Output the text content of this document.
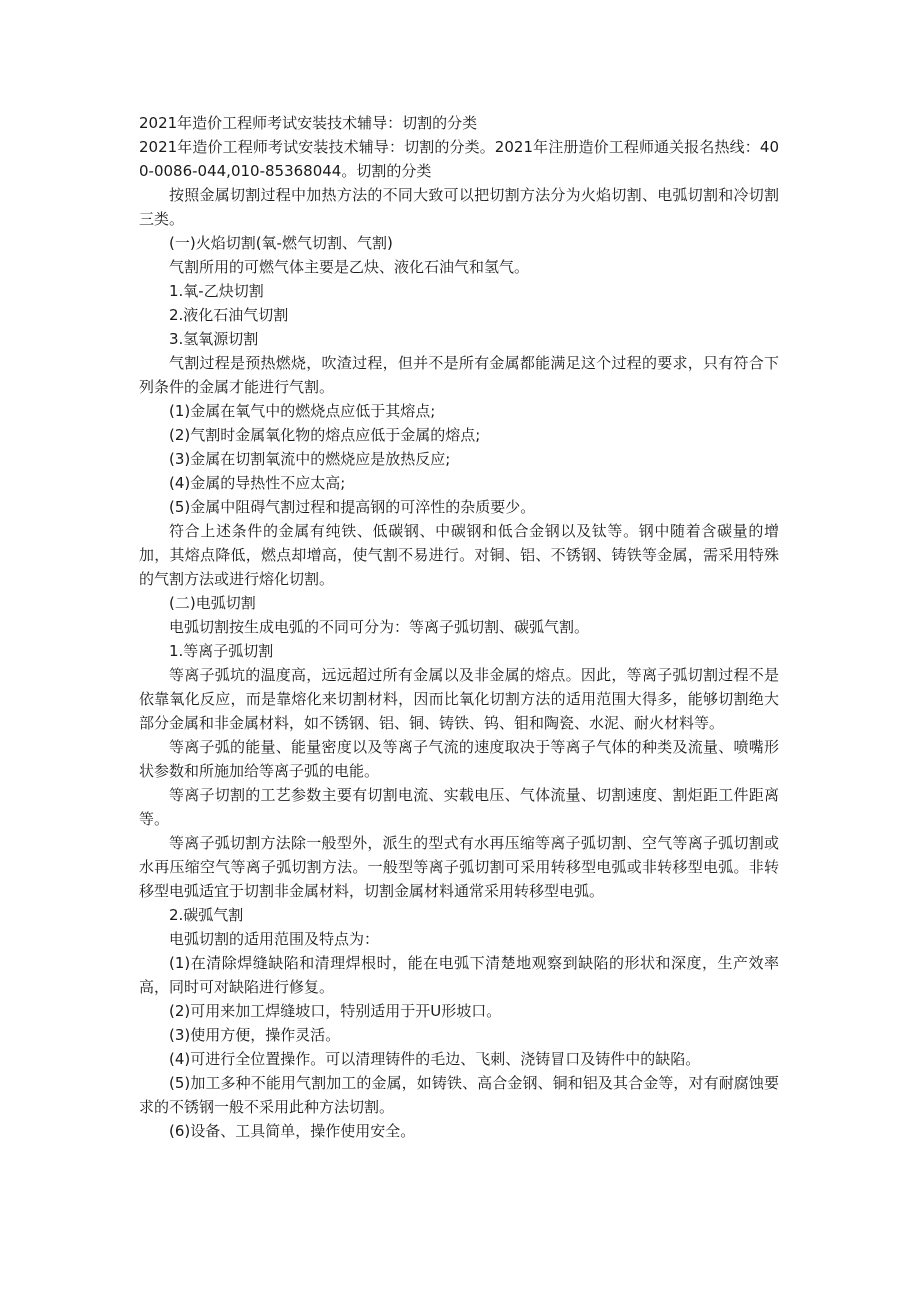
2021年造价工程师考试安装技术辅导：切割的分类

2021年造价工程师考试安装技术辅导：切割的分类。2021年注册造价工程师通关报名热线：400-0086-044,010-85368044。切割的分类

按照金属切割过程中加热方法的不同大致可以把切割方法分为火焰切割、电弧切割和冷切割三类。

(一)火焰切割(氧-燃气切割、气割)

气割所用的可燃气体主要是乙炔、液化石油气和氢气。

1.氧-乙炔切割

2.液化石油气切割

3.氢氧源切割

气割过程是预热燃烧，吹渣过程，但并不是所有金属都能满足这个过程的要求，只有符合下列条件的金属才能进行气割。

(1)金属在氧气中的燃烧点应低于其熔点;

(2)气割时金属氧化物的熔点应低于金属的熔点;

(3)金属在切割氧流中的燃烧应是放热反应;

(4)金属的导热性不应太高;

(5)金属中阻碍气割过程和提高钢的可淬性的杂质要少。

符合上述条件的金属有纯铁、低碳钢、中碳钢和低合金钢以及钛等。钢中随着含碳量的增加，其熔点降低，燃点却增高，使气割不易进行。对铜、铝、不锈钢、铸铁等金属，需采用特殊的气割方法或进行熔化切割。

(二)电弧切割

电弧切割按生成电弧的不同可分为：等离子弧切割、碳弧气割。

1.等离子弧切割

等离子弧坑的温度高，远远超过所有金属以及非金属的熔点。因此，等离子弧切割过程不是依靠氧化反应，而是靠熔化来切割材料，因而比氧化切割方法的适用范围大得多，能够切割绝大部分金属和非金属材料，如不锈钢、铝、铜、铸铁、钨、钼和陶瓷、水泥、耐火材料等。

等离子弧的能量、能量密度以及等离子气流的速度取决于等离子气体的种类及流量、喷嘴形状参数和所施加给等离子弧的电能。

等离子切割的工艺参数主要有切割电流、实载电压、气体流量、切割速度、割炬距工件距离等。

等离子弧切割方法除一般型外，派生的型式有水再压缩等离子弧切割、空气等离子弧切割或水再压缩空气等离子弧切割方法。一般型等离子弧切割可采用转移型电弧或非转移型电弧。非转移型电弧适宜于切割非金属材料，切割金属材料通常采用转移型电弧。

2.碳弧气割

电弧切割的适用范围及特点为：

(1)在清除焊缝缺陷和清理焊根时，能在电弧下清楚地观察到缺陷的形状和深度，生产效率高，同时可对缺陷进行修复。

(2)可用来加工焊缝坡口，特别适用于开U形坡口。

(3)使用方便，操作灵活。

(4)可进行全位置操作。可以清理铸件的毛边、飞刺、浇铸冒口及铸件中的缺陷。

(5)加工多种不能用气割加工的金属，如铸铁、高合金钢、铜和铝及其合金等，对有耐腐蚀要求的不锈钢一般不采用此种方法切割。

(6)设备、工具简单，操作使用安全。
